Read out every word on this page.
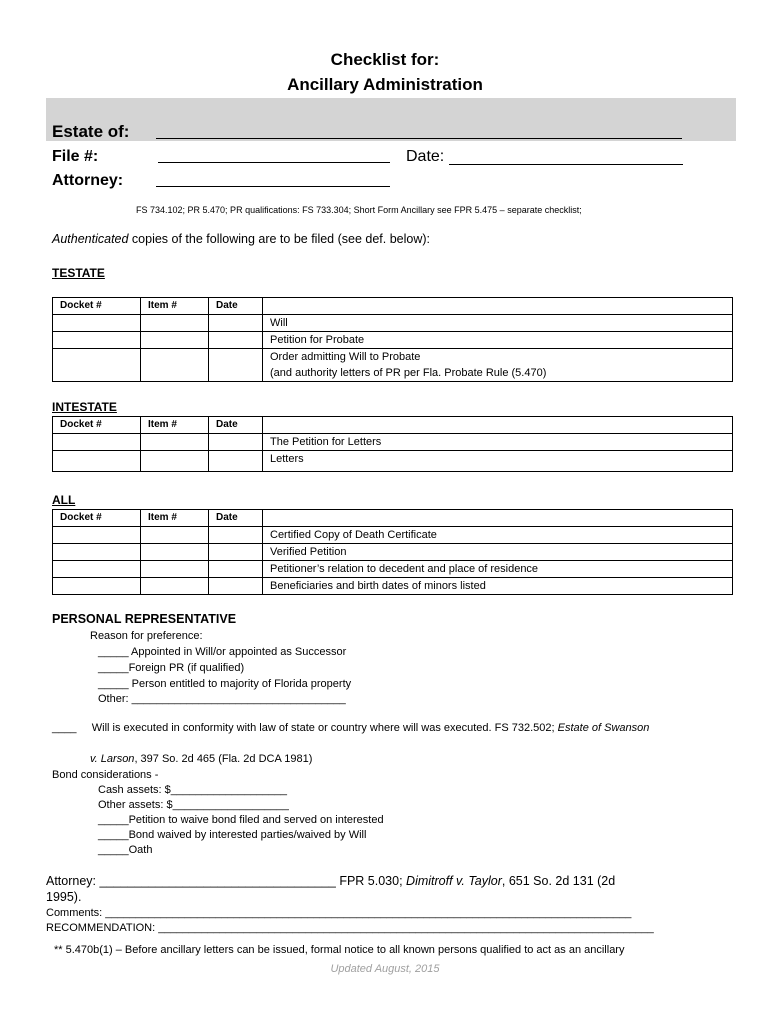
Checklist for:
Ancillary Administration
Estate of:
File #:	Date:
Attorney:
FS 734.102; PR 5.470; PR qualifications: FS 733.304; Short Form Ancillary see FPR 5.475 – separate checklist;
Authenticated copies of the following are to be filed (see def. below):
TESTATE
Docket #	Item #	Date	
			Will
			Petition for Probate

			Order admitting Will to Probate
(and authority letters of PR per Fla. Probate Rule (5.470)
INTESTATE
Docket #	Item #	Date	
			The Petition for Letters
			Letters
ALL
Docket #	Item #	Date	
			Certified Copy of Death Certificate
			Verified Petition
			Petitioner’s relation to decedent and place of residence
			Beneficiaries and birth dates of minors listed
PERSONAL REPRESENTATIVE
Reason for preference:
_____ Appointed in Will/or appointed as Successor
_____Foreign PR (if qualified)
_____ Person entitled to majority of Florida property
Other: ___________________________________
____ Will is executed in conformity with law of state or country where will was executed. FS 732.502; Estate of Swanson
v. Larson, 397 So. 2d 465 (Fla. 2d DCA 1981)
Bond considerations -
Cash assets: $___________________
Other assets: $___________________
_____Petition to waive bond filed and served on interested
_____Bond waived by interested parties/waived by Will
_____Oath
Attorney: __________________________________ FPR 5.030; Dimitroff v. Taylor, 651 So. 2d 131 (2d
1995).
Comments: ______________________________________________________________________________________
RECOMMENDATION: _________________________________________________________________________________
** 5.470b(1) – Before ancillary letters can be issued, formal notice to all known persons qualified to act as an ancillary
Updated August, 2015
